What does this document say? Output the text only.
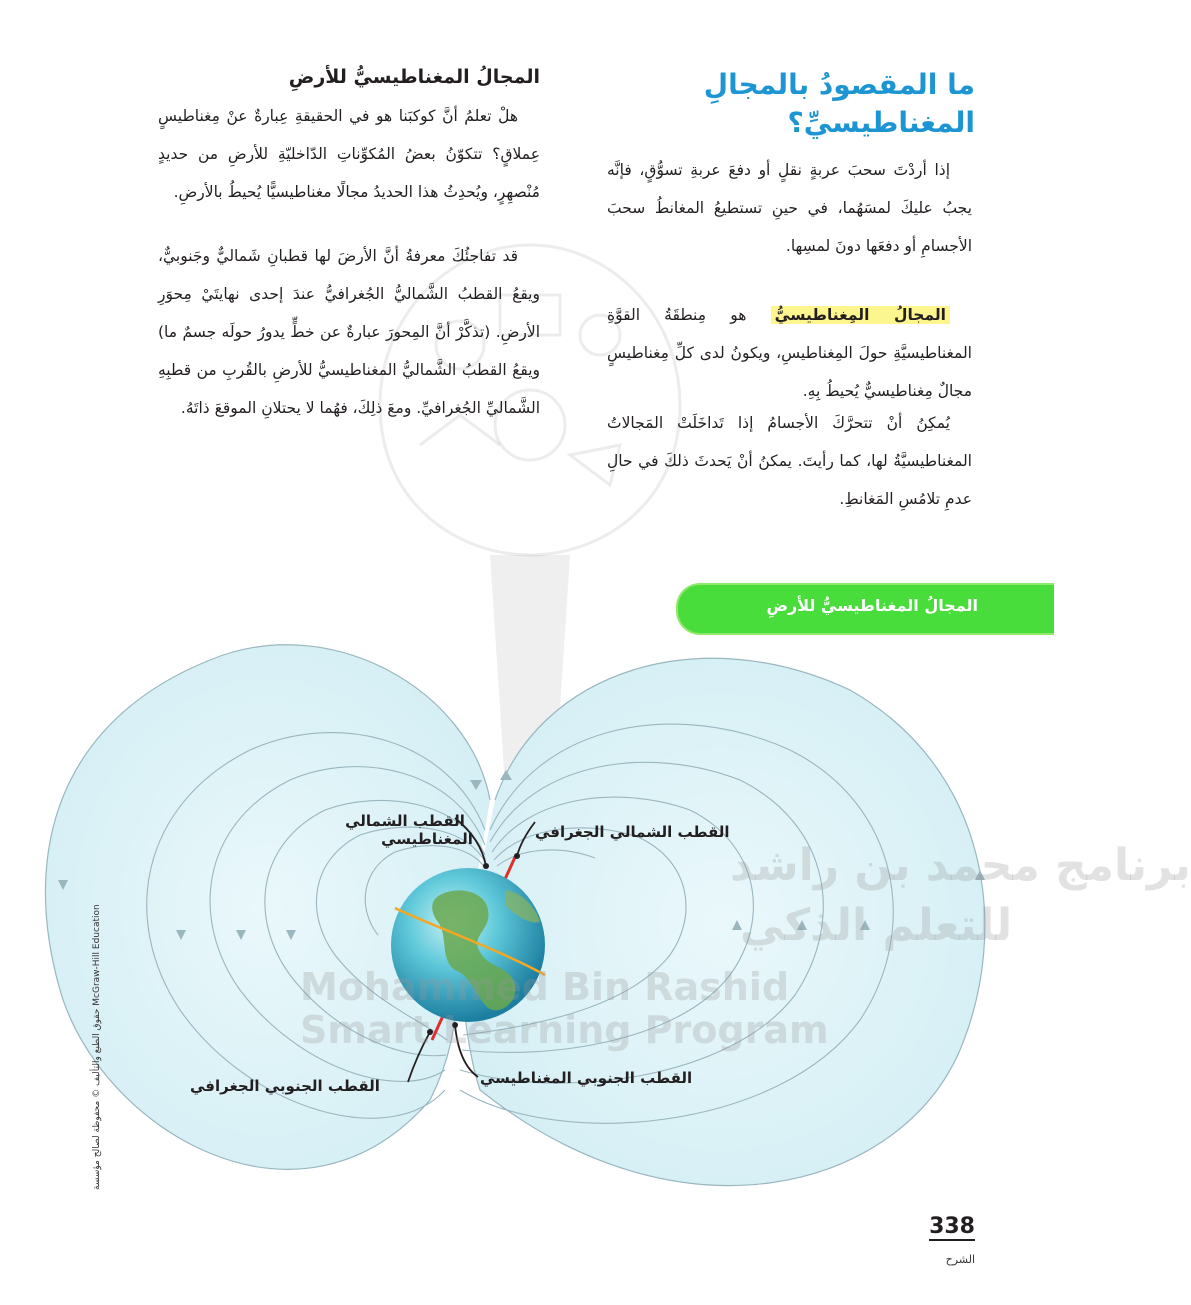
ما المقصودُ بالمجالِ المغناطيسيِّ؟
إذا أردْتَ سحبَ عربةٍ نقلٍ أو دفعَ عربةِ تسوُّقٍ، فإنَّه يجبُ عليكَ لمسَهُما، في حينِ تستطيعُ المغانطُ سحبَ الأجسامِ أو دفعَها دونَ لمسِها.
المجالُ المِغناطيسيُّ هو مِنطقَةُ القوَّةِ المغناطيسيَّةِ حولَ المِغناطيسِ، ويكونُ لدى كلِّ مِغناطيسٍ مجالٌ مِغناطيسيٌّ يُحيطُ بِهِ.
يُمكِنُ أنْ تتحرَّكَ الأجسامُ إذا تَداخَلَتْ المَجالاتُ المغناطيسيَّةُ لها، كما رأيتَ. يمكنُ أنْ يَحدثَ ذلكَ في حالِ عدمِ تلامُسِ المَغانطِ.
المجالُ المغناطيسيُّ للأرضِ
هلْ تعلمُ أنَّ كوكبَنا هو في الحقيقةِ عِبارةٌ عنْ مِغناطيسٍ عِملاقٍ؟ تتكوّنُ بعضُ المُكوِّناتِ الدّاخليّةِ للأرضِ من حديدٍ مُنْصهِرٍ، ويُحدِثُ هذا الحديدُ مجالًا مغناطيسيًّا يُحيطُ بالأرضِ.
قد تفاجئُكَ معرفةُ أنَّ الأرضَ لها قطبانِ شَماليٌّ وجَنوبيٌّ، ويقعُ القطبُ الشَّماليُّ الجُغرافيُّ عندَ إحدى نهايتَيْ مِحوَرِ الأرضِ. (تذكَّرْ أنَّ المِحورَ عبارةٌ عن خطٍّ يدورُ حولَه جسمٌ ما) ويقعُ القطبُ الشَّماليُّ المغناطيسيُّ للأرضِ بالقُربِ من قطبِهِ الشَّماليِّ الجُغرافيِّ. ومعَ ذلِكَ، فهُما لا يحتلانِ الموقعَ ذاتَهُ.
المجالُ المغناطيسيُّ للأرضِ
القطب الشمالي
المغناطيسي	القطب الشمالي الجغرافي
القطب الجنوبي المغناطيسي
القطب الجنوبي الجغرافي
برنامج محمد بن راشد
للتعلم الذكي
Mohammed Bin Rashid
Smart Learning Program
حقوق الطبع والتأليف © محفوظة لصالح مؤسسة McGraw-Hill Education
338
الشرح
